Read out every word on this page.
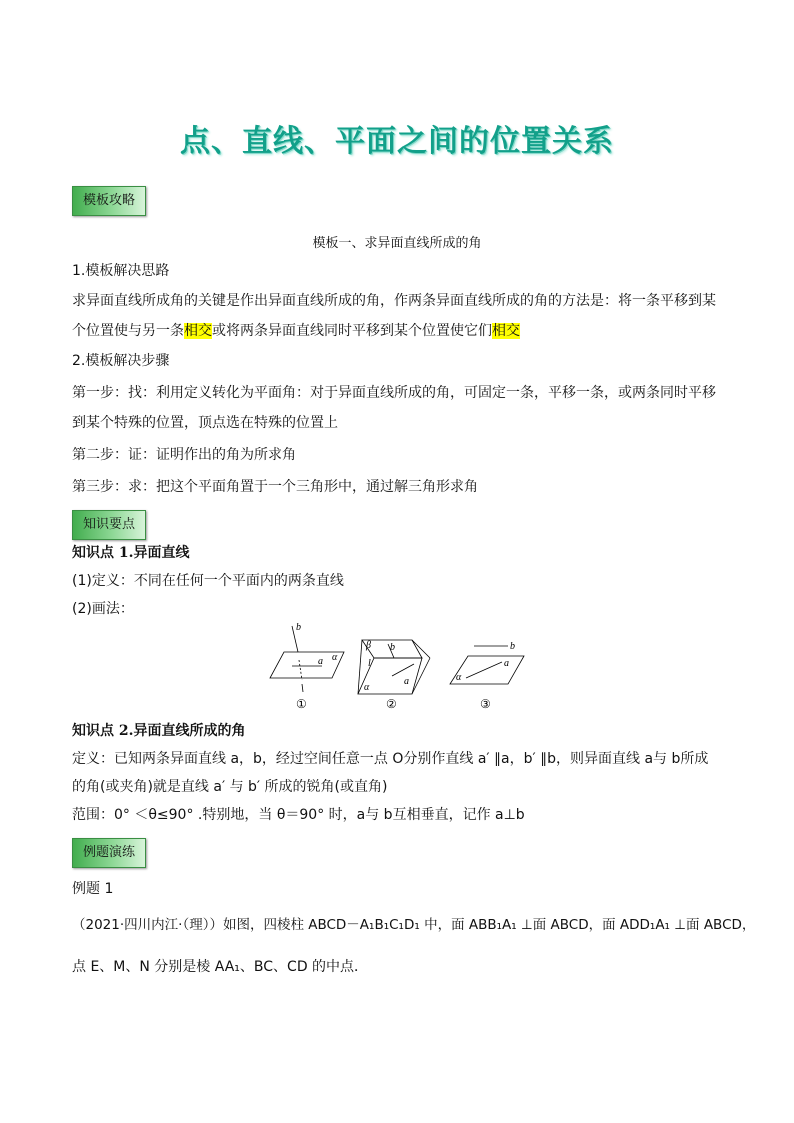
点、直线、平面之间的位置关系
模板攻略
模板一、求异面直线所成的角
1.模板解决思路
求异面直线所成角的关键是作出异面直线所成的角，作两条异面直线所成的角的方法是：将一条平移到某
个位置使与另一条相交或将两条异面直线同时平移到某个位置使它们相交
2.模板解决步骤
第一步：找：利用定义转化为平面角：对于异面直线所成的角，可固定一条，平移一条，或两条同时平移
到某个特殊的位置，顶点选在特殊的位置上
第二步：证：证明作出的角为所求角
第三步：求：把这个平面角置于一个三角形中，通过解三角形求角
知识要点
知识点 1.异面直线
(1)定义：不同在任何一个平面内的两条直线
(2)画法：
b
a α
①
β
l
b
a
α
②
b
a
α
③
知识点 2.异面直线所成的角
定义：已知两条异面直线 a，b，经过空间任意一点 O分别作直线 a′ ∥a，b′ ∥b，则异面直线 a与 b所成
的角(或夹角)就是直线 a′ 与 b′ 所成的锐角(或直角)
范围：0° ＜θ≤90° .特别地，当 θ＝90° 时，a与 b互相垂直，记作 a⊥b
例题演练
例题 1
（2021·四川内江·（理））如图，四棱柱 ABCD－A₁B₁C₁D₁ 中，面 ABB₁A₁ ⊥面 ABCD，面 ADD₁A₁ ⊥面 ABCD，
点 E、M、N 分别是棱 AA₁、BC、CD 的中点．
